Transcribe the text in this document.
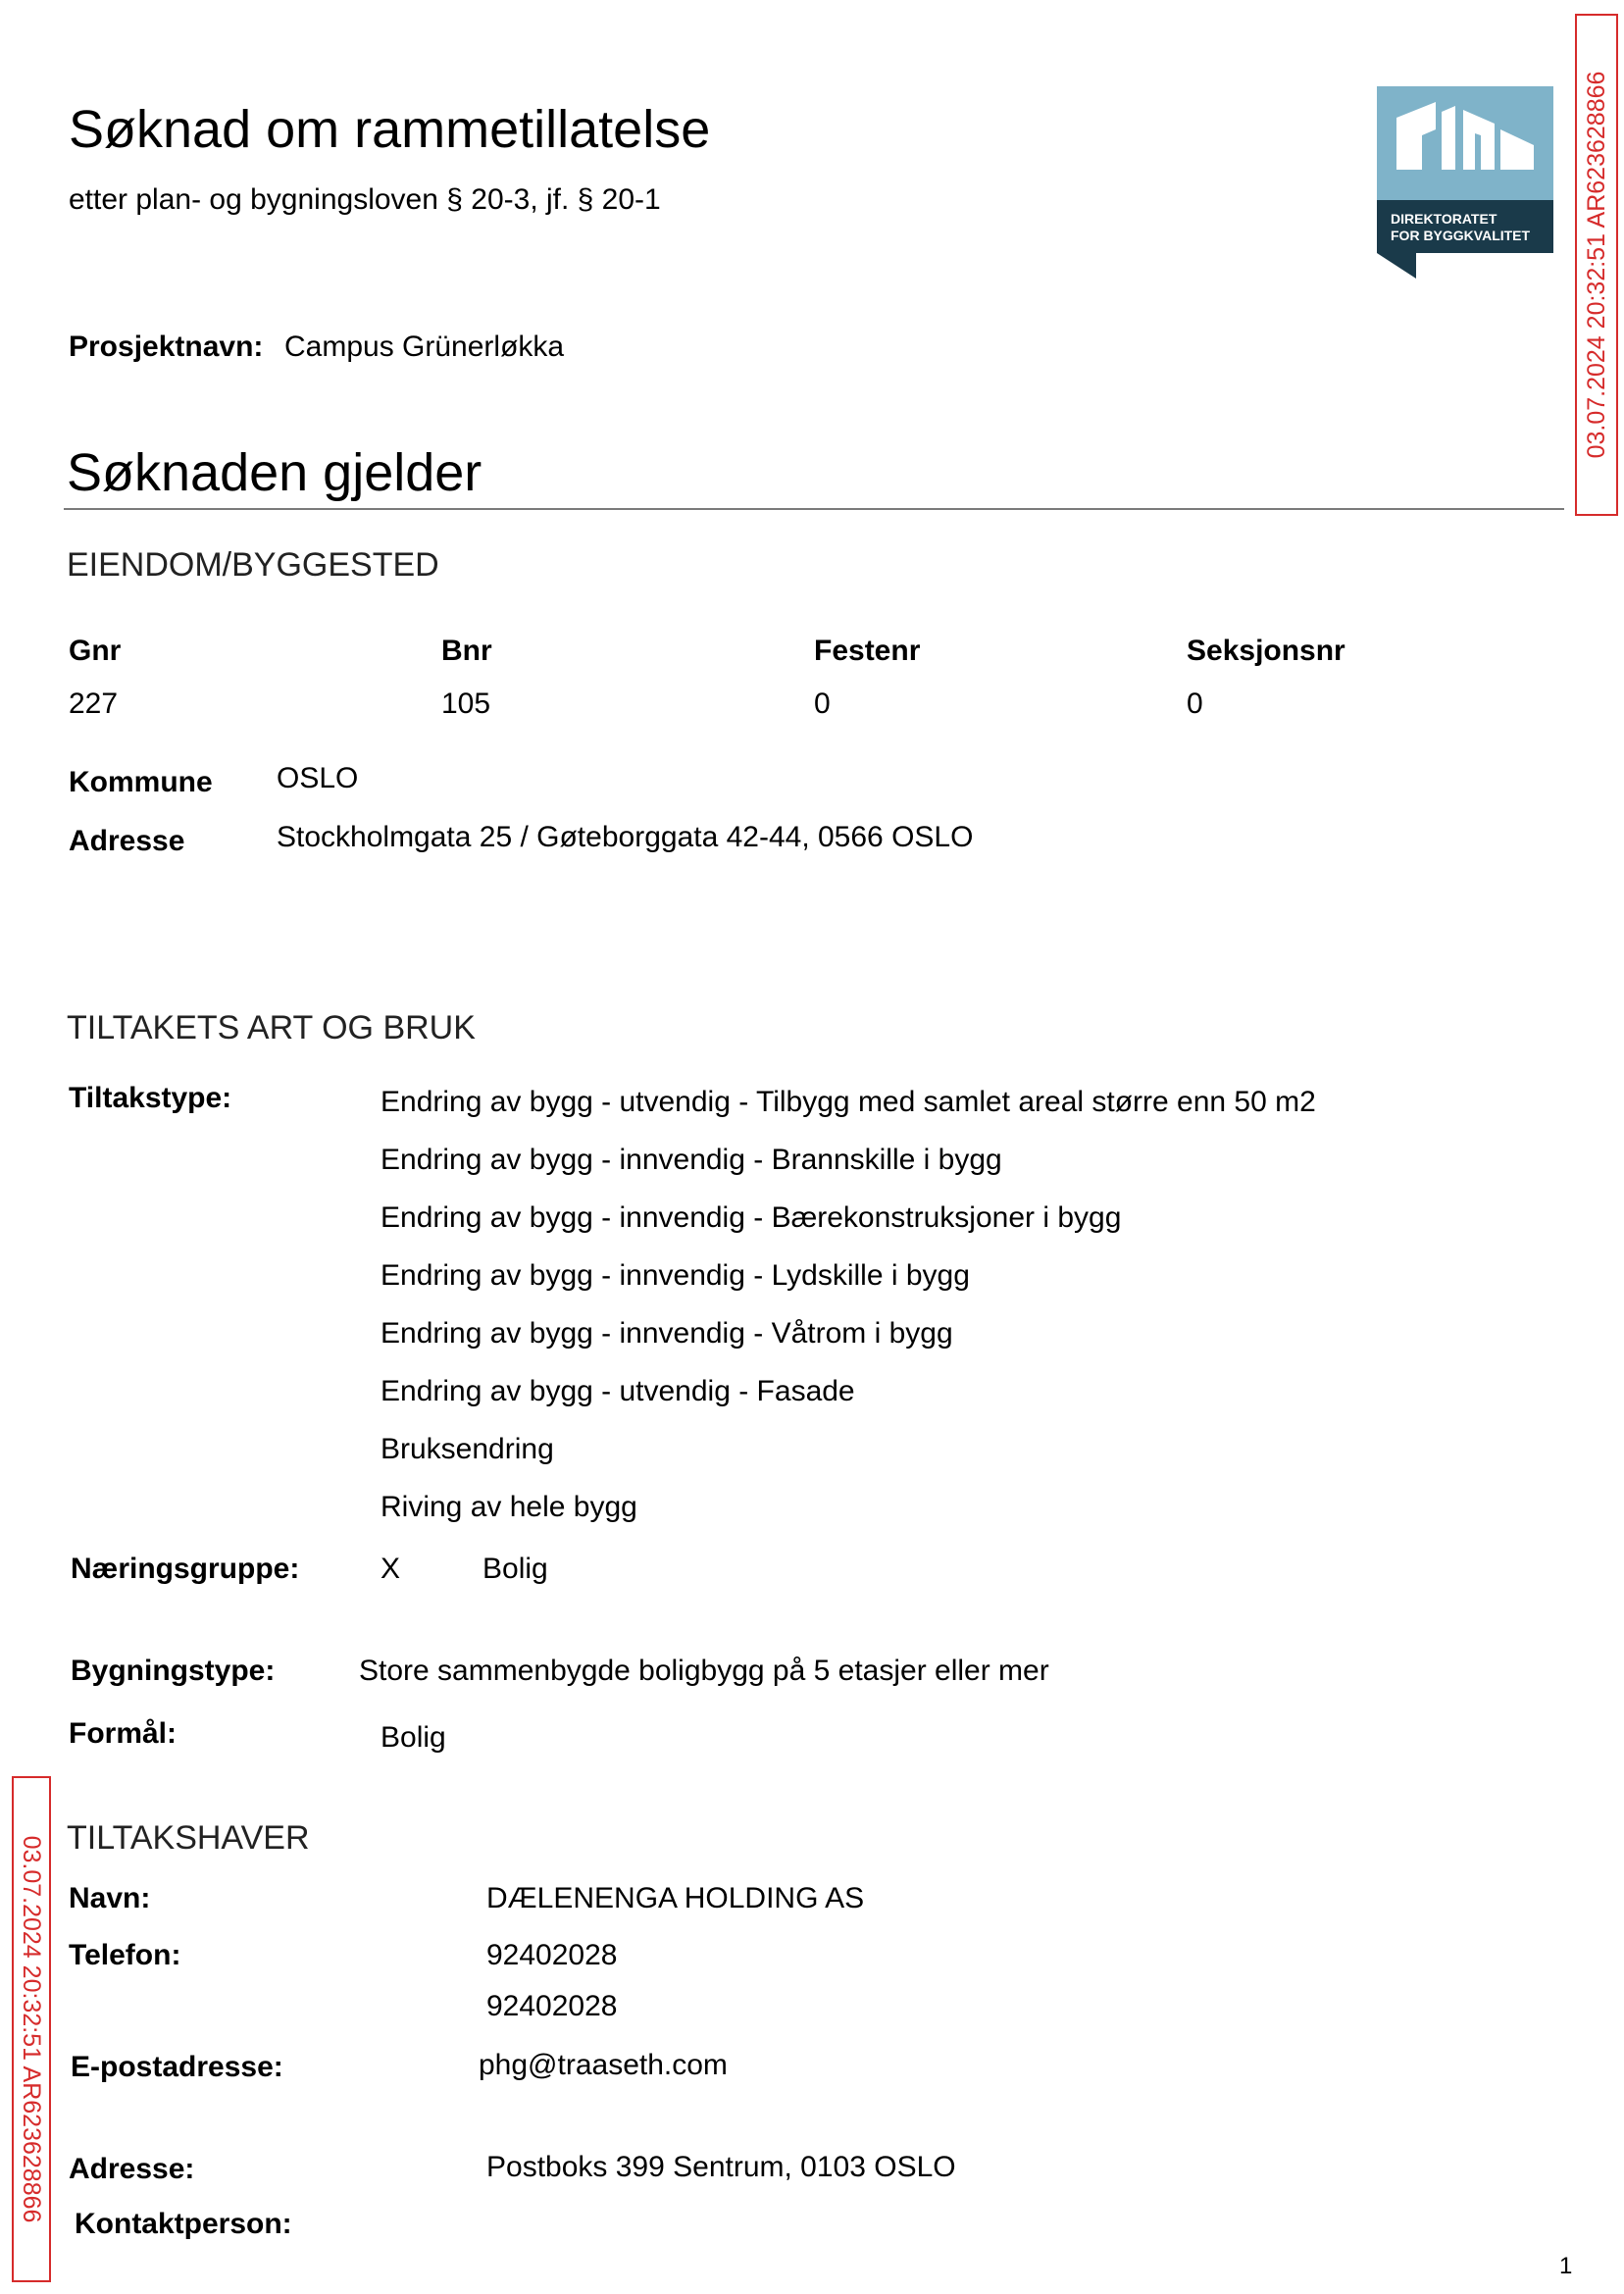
Søknad om rammetillatelse
etter plan- og bygningsloven § 20-3, jf. § 20-1
DIREKTORATET
FOR BYGGKVALITET 03.07.2024 20:32:51 AR623628866
03.07.2024 20:32:51 AR623628866
Prosjektnavn: Campus Grünerløkka
Søknaden gjelder
EIENDOM/BYGGESTED
Gnr	Bnr	Festenr	Seksjonsnr
227	105	0	0
Kommune OSLO
Adresse	Stockholmgata 25 / Gøteborggata 42-44, 0566 OSLO
TILTAKETS ART OG BRUK
Tiltakstype:	Endring av bygg - utvendig - Tilbygg med samlet areal større enn 50 m2
Endring av bygg - innvendig - Brannskille i bygg
Endring av bygg - innvendig - Bærekonstruksjoner i bygg
Endring av bygg - innvendig - Lydskille i bygg
Endring av bygg - innvendig - Våtrom i bygg
Endring av bygg - utvendig - Fasade
Bruksendring
Riving av hele bygg
Næringsgruppe:	X	Bolig
Bygningstype:	Store sammenbygde boligbygg på 5 etasjer eller mer
Formål:	Bolig
TILTAKSHAVER
Navn:	DÆLENENGA HOLDING AS
Telefon:	92402028
92402028
E-postadresse:	phg@traaseth.com
Adresse:	Postboks 399 Sentrum, 0103 OSLO
Kontaktperson:
1
